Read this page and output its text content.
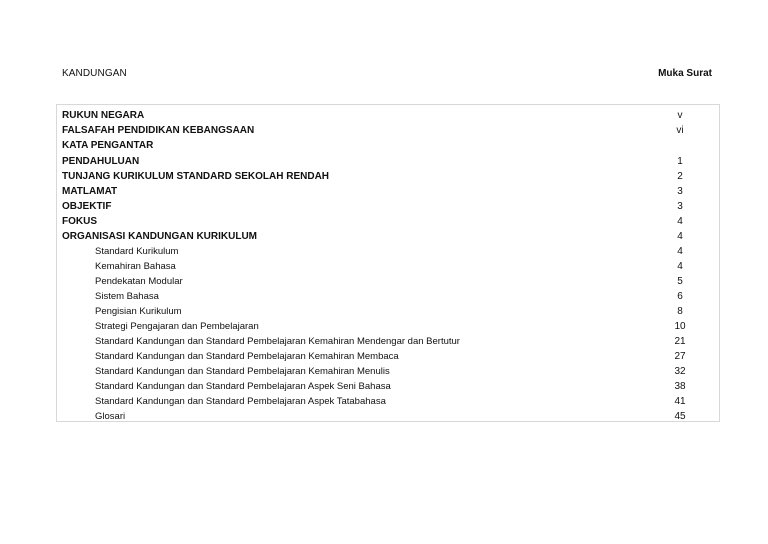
KANDUNGAN	Muka Surat
RUKUN NEGARA	v
FALSAFAH PENDIDIKAN KEBANGSAAN	vi
KATA PENGANTAR
PENDAHULUAN	1
TUNJANG KURIKULUM STANDARD SEKOLAH RENDAH	2
MATLAMAT	3
OBJEKTIF	3
FOKUS	4
ORGANISASI KANDUNGAN KURIKULUM	4
Standard Kurikulum	4
Kemahiran Bahasa	4
Pendekatan Modular	5
Sistem Bahasa	6
Pengisian Kurikulum	8
Strategi Pengajaran dan Pembelajaran	10
Standard Kandungan dan Standard Pembelajaran Kemahiran Mendengar dan Bertutur	21
Standard Kandungan dan Standard Pembelajaran Kemahiran Membaca	27
Standard Kandungan dan Standard Pembelajaran Kemahiran Menulis	32
Standard Kandungan dan Standard Pembelajaran Aspek Seni Bahasa	38
Standard Kandungan dan Standard Pembelajaran Aspek Tatabahasa	41
Glosari	45
